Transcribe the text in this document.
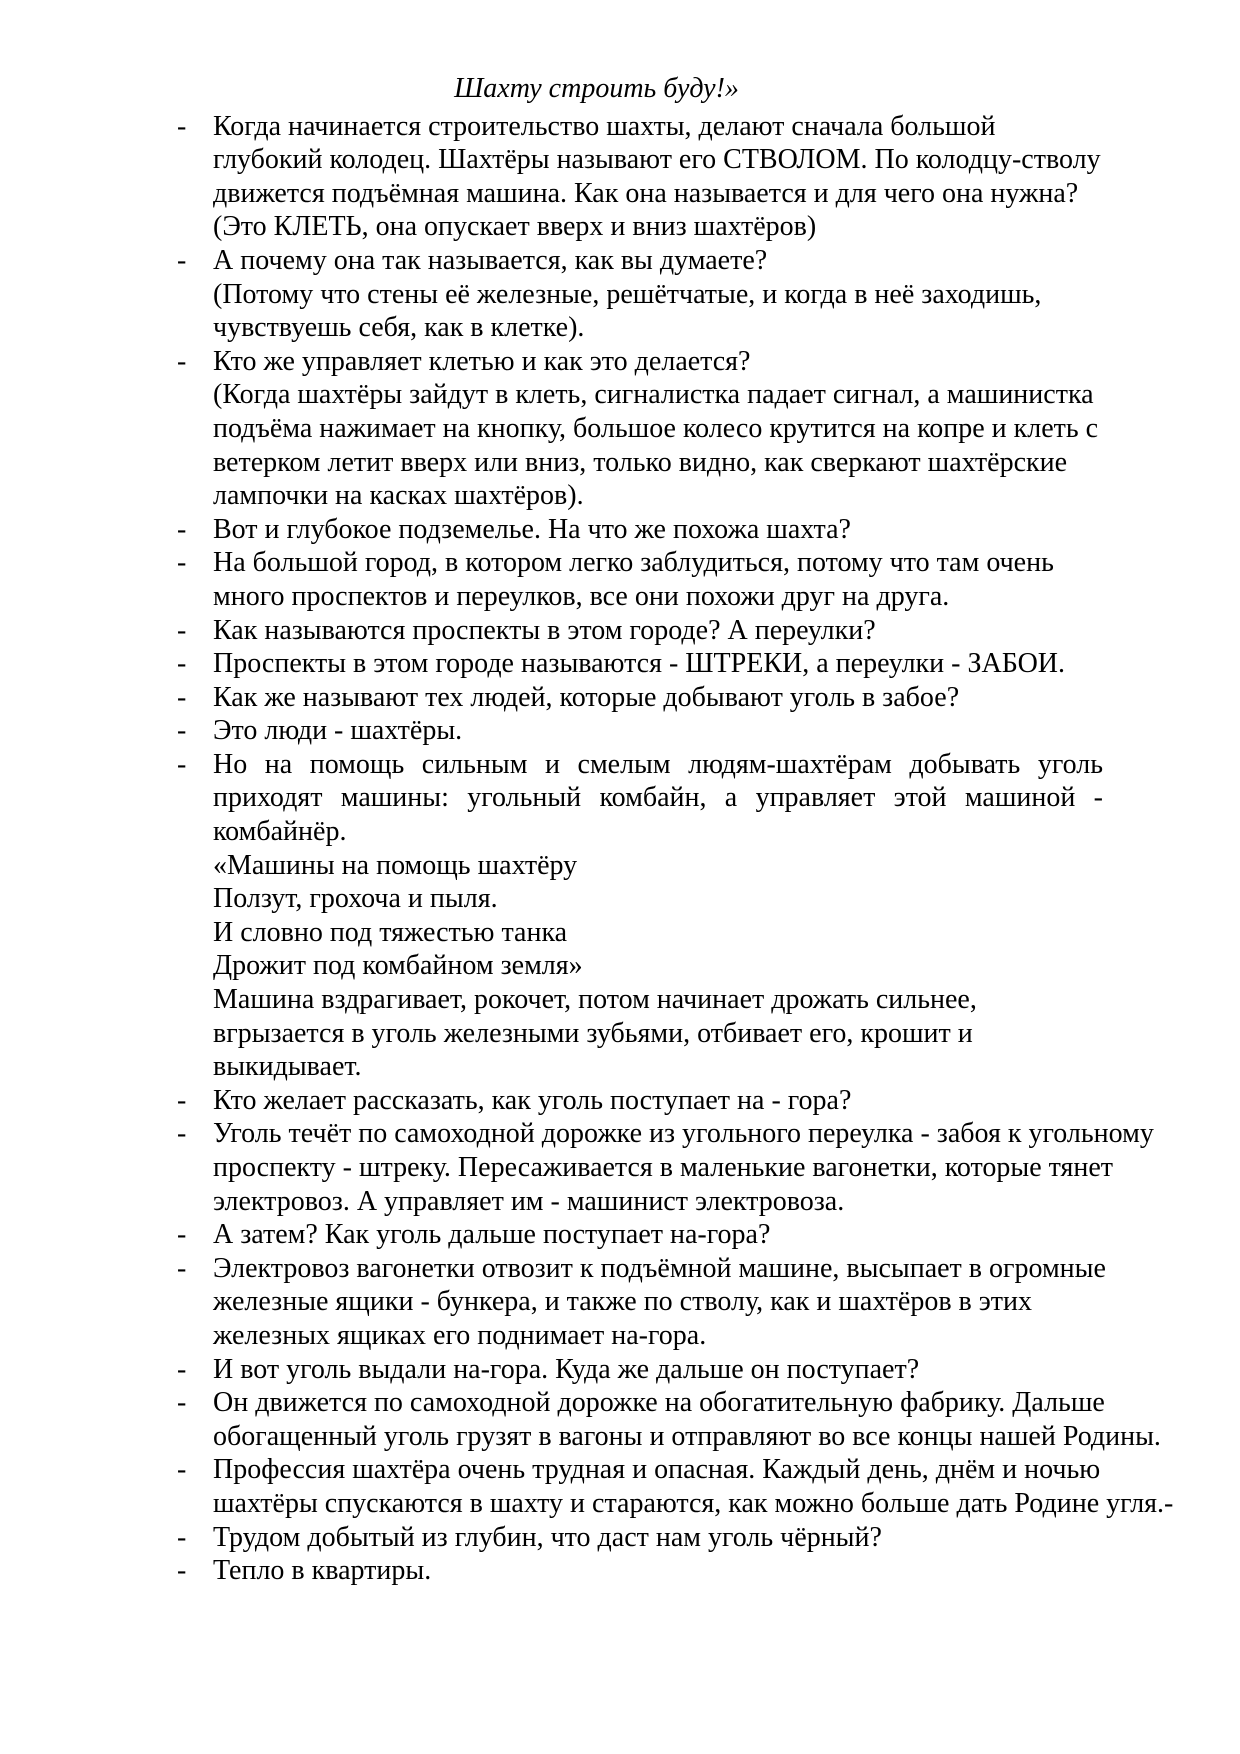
Шахту строить буду!»
- Когда начинается строительство шахты, делают сначала большой
глубокий колодец. Шахтёры называют его СТВОЛОМ. По колодцу-стволу
движется подъёмная машина. Как она называется и для чего она нужна?
(Это КЛЕТЬ, она опускает вверх и вниз шахтёров)
- А почему она так называется, как вы думаете?
(Потому что стены её железные, решётчатые, и когда в неё заходишь,
чувствуешь себя, как в клетке).
- Кто же управляет клетью и как это делается?
(Когда шахтёры зайдут в клеть, сигналистка падает сигнал, а машинистка
подъёма нажимает на кнопку, большое колесо крутится на копре и клеть с
ветерком летит вверх или вниз, только видно, как сверкают шахтёрские
лампочки на касках шахтёров).
- Вот и глубокое подземелье. На что же похожа шахта?
- На большой город, в котором легко заблудиться, потому что там очень
много проспектов и переулков, все они похожи друг на друга.
- Как называются проспекты в этом городе? А переулки?
- Проспекты в этом городе называются - ШТРЕКИ, а переулки - ЗАБОИ.
- Как же называют тех людей, которые добывают уголь в забое?
- Это люди - шахтёры.
- Но на помощь сильным и смелым людям-шахтёрам добывать уголь
приходят машины: угольный комбайн, а управляет этой машиной -
комбайнёр.
«Машины на помощь шахтёру
Ползут, грохоча и пыля.
И словно под тяжестью танка
Дрожит под комбайном земля»
Машина вздрагивает, рокочет, потом начинает дрожать сильнее,
вгрызается в уголь железными зубьями, отбивает его, крошит и
выкидывает.
- Кто желает рассказать, как уголь поступает на - гора?
- Уголь течёт по самоходной дорожке из угольного переулка - забоя к угольному
проспекту - штреку. Пересаживается в маленькие вагонетки, которые тянет
электровоз. А управляет им - машинист электровоза.
- А затем? Как уголь дальше поступает на-гора?
- Электровоз вагонетки отвозит к подъёмной машине, высыпает в огромные
железные ящики - бункера, и также по стволу, как и шахтёров в этих
железных ящиках его поднимает на-гора.
- И вот уголь выдали на-гора. Куда же дальше он поступает?
- Он движется по самоходной дорожке на обогатительную фабрику. Дальше
обогащенный уголь грузят в вагоны и отправляют во все концы нашей Родины.
- Профессия шахтёра очень трудная и опасная. Каждый день, днём и ночью
шахтёры спускаются в шахту и стараются, как можно больше дать Родине угля.-
- Трудом добытый из глубин, что даст нам уголь чёрный?
- Тепло в квартиры.
